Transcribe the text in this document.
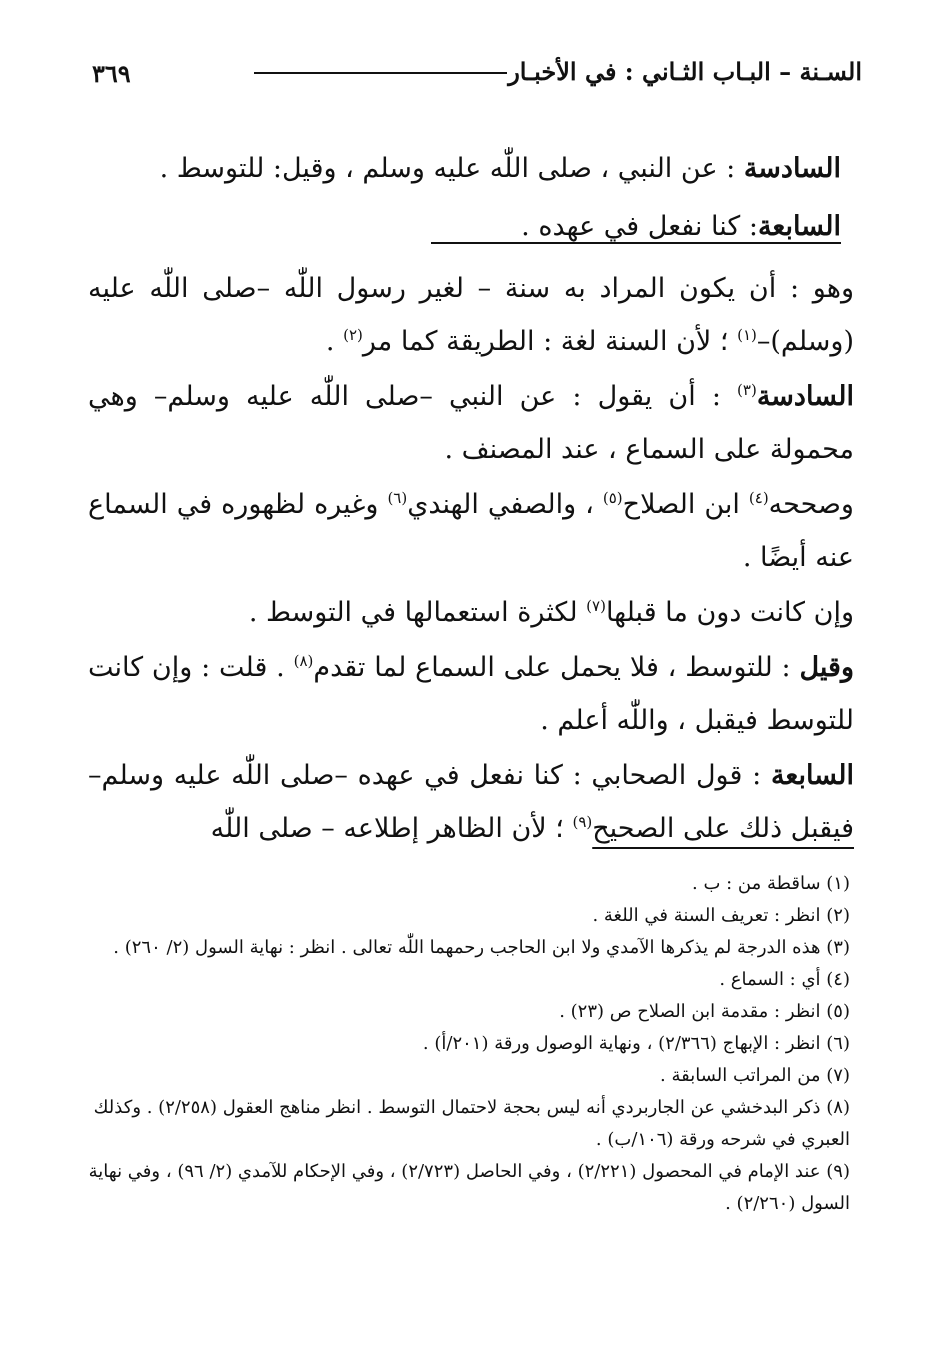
٣٦٩	السـنة – البـاب الثـاني : في الأخبـار
السادسة : عن النبي ، صلى اللّٰه عليه وسلم ، وقيل: للتوسط .
السابعة: كنا نفعل في عهده .

وهو : أن يكون المراد به سنة – لغير رسول اللّٰه –صلى اللّٰه عليه (وسلم)–$^{(١)}$ ؛ لأن السنة لغة : الطريقة كما مر$^{(٢)}$ .

السادسة$^{(٣)}$ : أن يقول : عن النبي –صلى اللّٰه عليه وسلم– وهي محمولة على السماع ، عند المصنف .

وصححه$^{(٤)}$ ابن الصلاح$^{(٥)}$ ، والصفي الهندي$^{(٦)}$ وغيره لظهوره في السماع عنه أيضًا .

وإن كانت دون ما قبلها$^{(٧)}$ لكثرة استعمالها في التوسط .

وقيل : للتوسط ، فلا يحمل على السماع لما تقدم$^{(٨)}$ . قلت : وإن كانت للتوسط فيقبل ، واللّٰه أعلم .

السابعة : قول الصحابي : كنا نفعل في عهده –صلى اللّٰه عليه وسلم– فيقبل ذلك على الصحيح$^{(٩)}$ ؛ لأن الظاهر إطلاعه – صلى اللّٰه

(١) ساقطة من : ب .

(٢) انظر : تعريف السنة في اللغة .

(٣) هذه الدرجة لم يذكرها الآمدي ولا ابن الحاجب رحمهما اللّٰه تعالى . انظر : نهاية السول (٢/ ٢٦٠) .

(٤) أي : السماع .

(٥) انظر : مقدمة ابن الصلاح ص (٢٣) .

(٦) انظر : الإبهاج (٢/٣٦٦) ، ونهاية الوصول ورقة (٢٠١/أ) .

(٧) من المراتب السابقة .

(٨) ذكر البدخشي عن الجاربردي أنه ليس بحجة لاحتمال التوسط . انظر مناهج العقول (٢/٢٥٨) . وكذلك العبري في شرحه ورقة (١٠٦/ب) .

(٩) عند الإمام في المحصول (٢/٢٢١) ، وفي الحاصل (٢/٧٢٣) ، وفي الإحكام للآمدي (٢/ ٩٦) ، وفي نهاية السول (٢/٢٦٠) .
